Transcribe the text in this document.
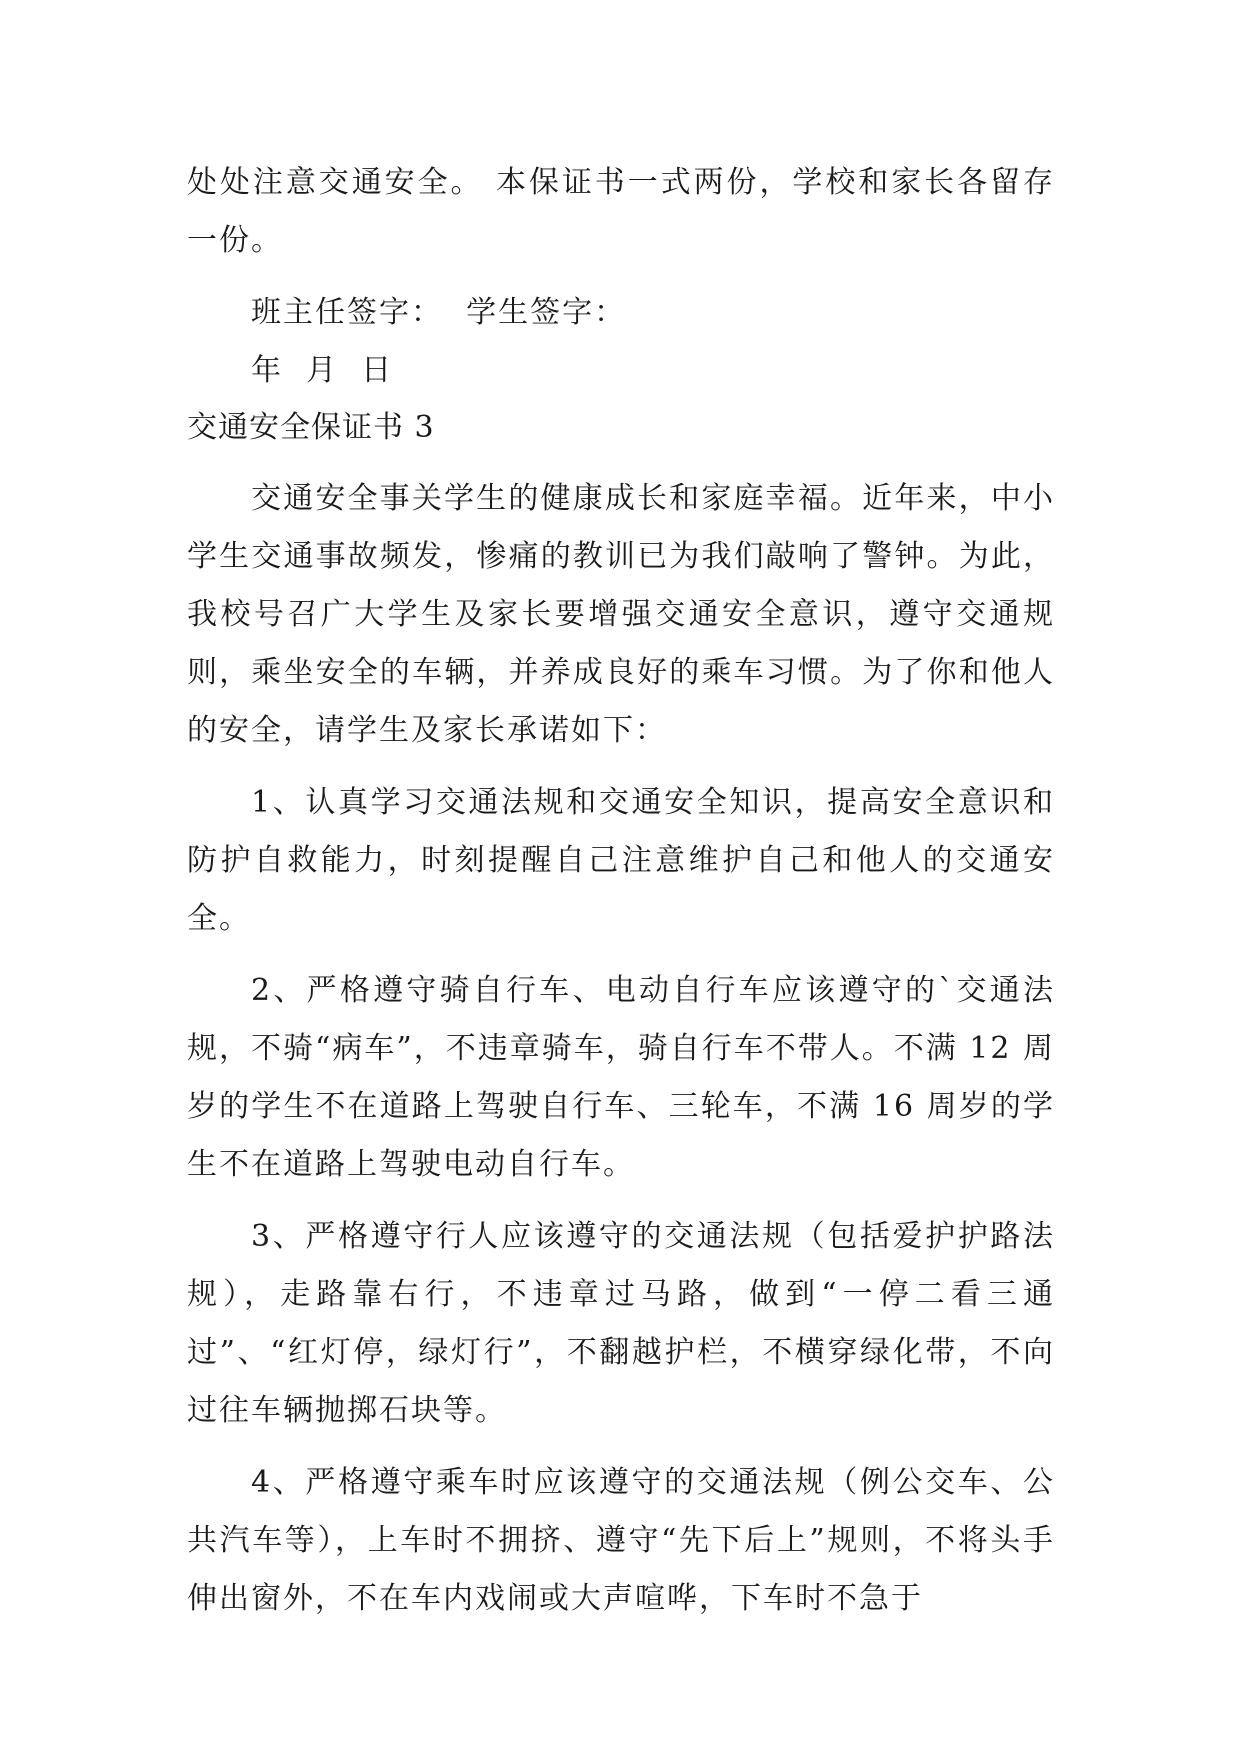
处处注意交通安全。 本保证书一式两份，学校和家长各留存一份。

班主任签字：  学生签字：

年  月  日

交通安全保证书 3

交通安全事关学生的健康成长和家庭幸福。近年来，中小学生交通事故频发，惨痛的教训已为我们敲响了警钟。为此，我校号召广大学生及家长要增强交通安全意识，遵守交通规则，乘坐安全的车辆，并养成良好的乘车习惯。为了你和他人的安全，请学生及家长承诺如下：

1、认真学习交通法规和交通安全知识，提高安全意识和防护自救能力，时刻提醒自己注意维护自己和他人的交通安全。

2、严格遵守骑自行车、电动自行车应该遵守的`交通法规，不骑“病车”，不违章骑车，骑自行车不带人。不满 12 周岁的学生不在道路上驾驶自行车、三轮车，不满 16 周岁的学生不在道路上驾驶电动自行车。

3、严格遵守行人应该遵守的交通法规（包括爱护护路法规），走路靠右行，不违章过马路，做到“一停二看三通过”、“红灯停，绿灯行”，不翻越护栏，不横穿绿化带，不向过往车辆抛掷石块等。

4、严格遵守乘车时应该遵守的交通法规（例公交车、公共汽车等），上车时不拥挤、遵守“先下后上”规则，不将头手伸出窗外，不在车内戏闹或大声喧哗，下车时不急于
